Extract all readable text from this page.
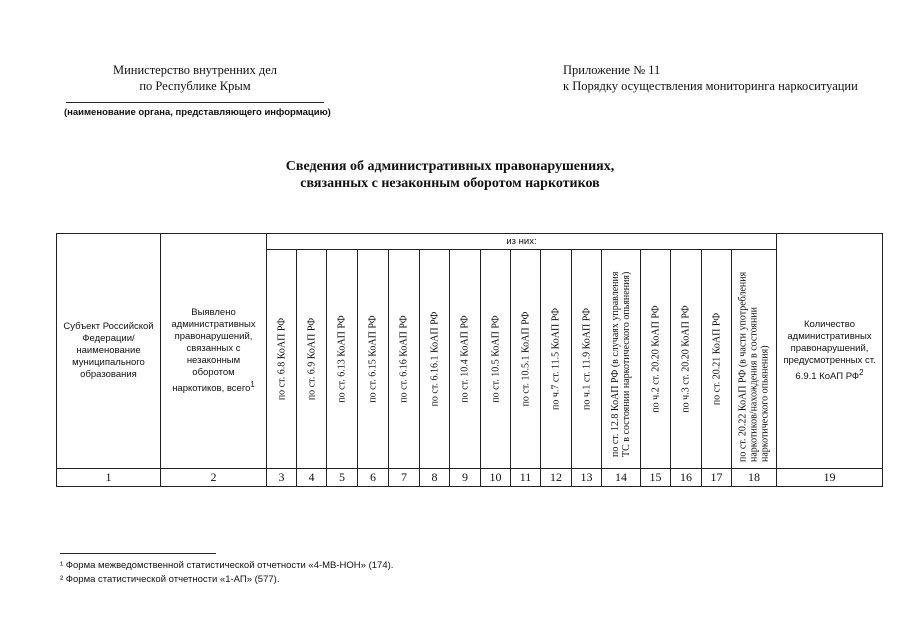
Министерство внутренних дел
по Республике Крым
(наименование органа, представляющего информацию)
Приложение № 11
к Порядку осуществления мониторинга наркоситуации
Сведения об административных правонарушениях,
связанных с незаконным оборотом наркотиков
Субъект Российской Федерации/ наименование муниципального образования	Выявлено административных правонарушений, связанных с незаконным оборотом наркотиков, всего$^1$	из них:																Количество административных правонарушений, предусмотренных ст. 6.9.1 КоАП $РФ^2$

		по ст. 6.8 КоАП РФ	по ст. 6.9 КоАП РФ	по ст. 6.13 КоАП РФ	по ст. 6.15 КоАП РФ	по ст. 6.16 КоАП РФ	по ст. 6.16.1 КоАП РФ	по ст. 10.4 КоАП РФ	по ст. 10.5 КоАП РФ	по ст. 10.5.1 КоАП РФ	по ч.7 ст. 11.5 КоАП РФ	по ч.1 ст. 11.9 КоАП РФ	по ст. 12.8 КоАП РФ (в случаях управления ТС в состоянии наркотического опьянения)	по ч.2 ст. 20.20 КоАП РФ	по ч.3 ст. 20.20 КоАП РФ	по ст. 20.21 КоАП РФ	по ст. 20.22 КоАП РФ (в части употребления наркотиков/нахождения в состоянии наркотического опьянения)	

1	2	3	4	5	6	7	8	9	10	11	12	13	14	15	16	17	18	19
¹ Форма межведомственной статистической отчетности «4-МВ-НОН» (174).
² Форма статистической отчетности «1-АП» (577).
